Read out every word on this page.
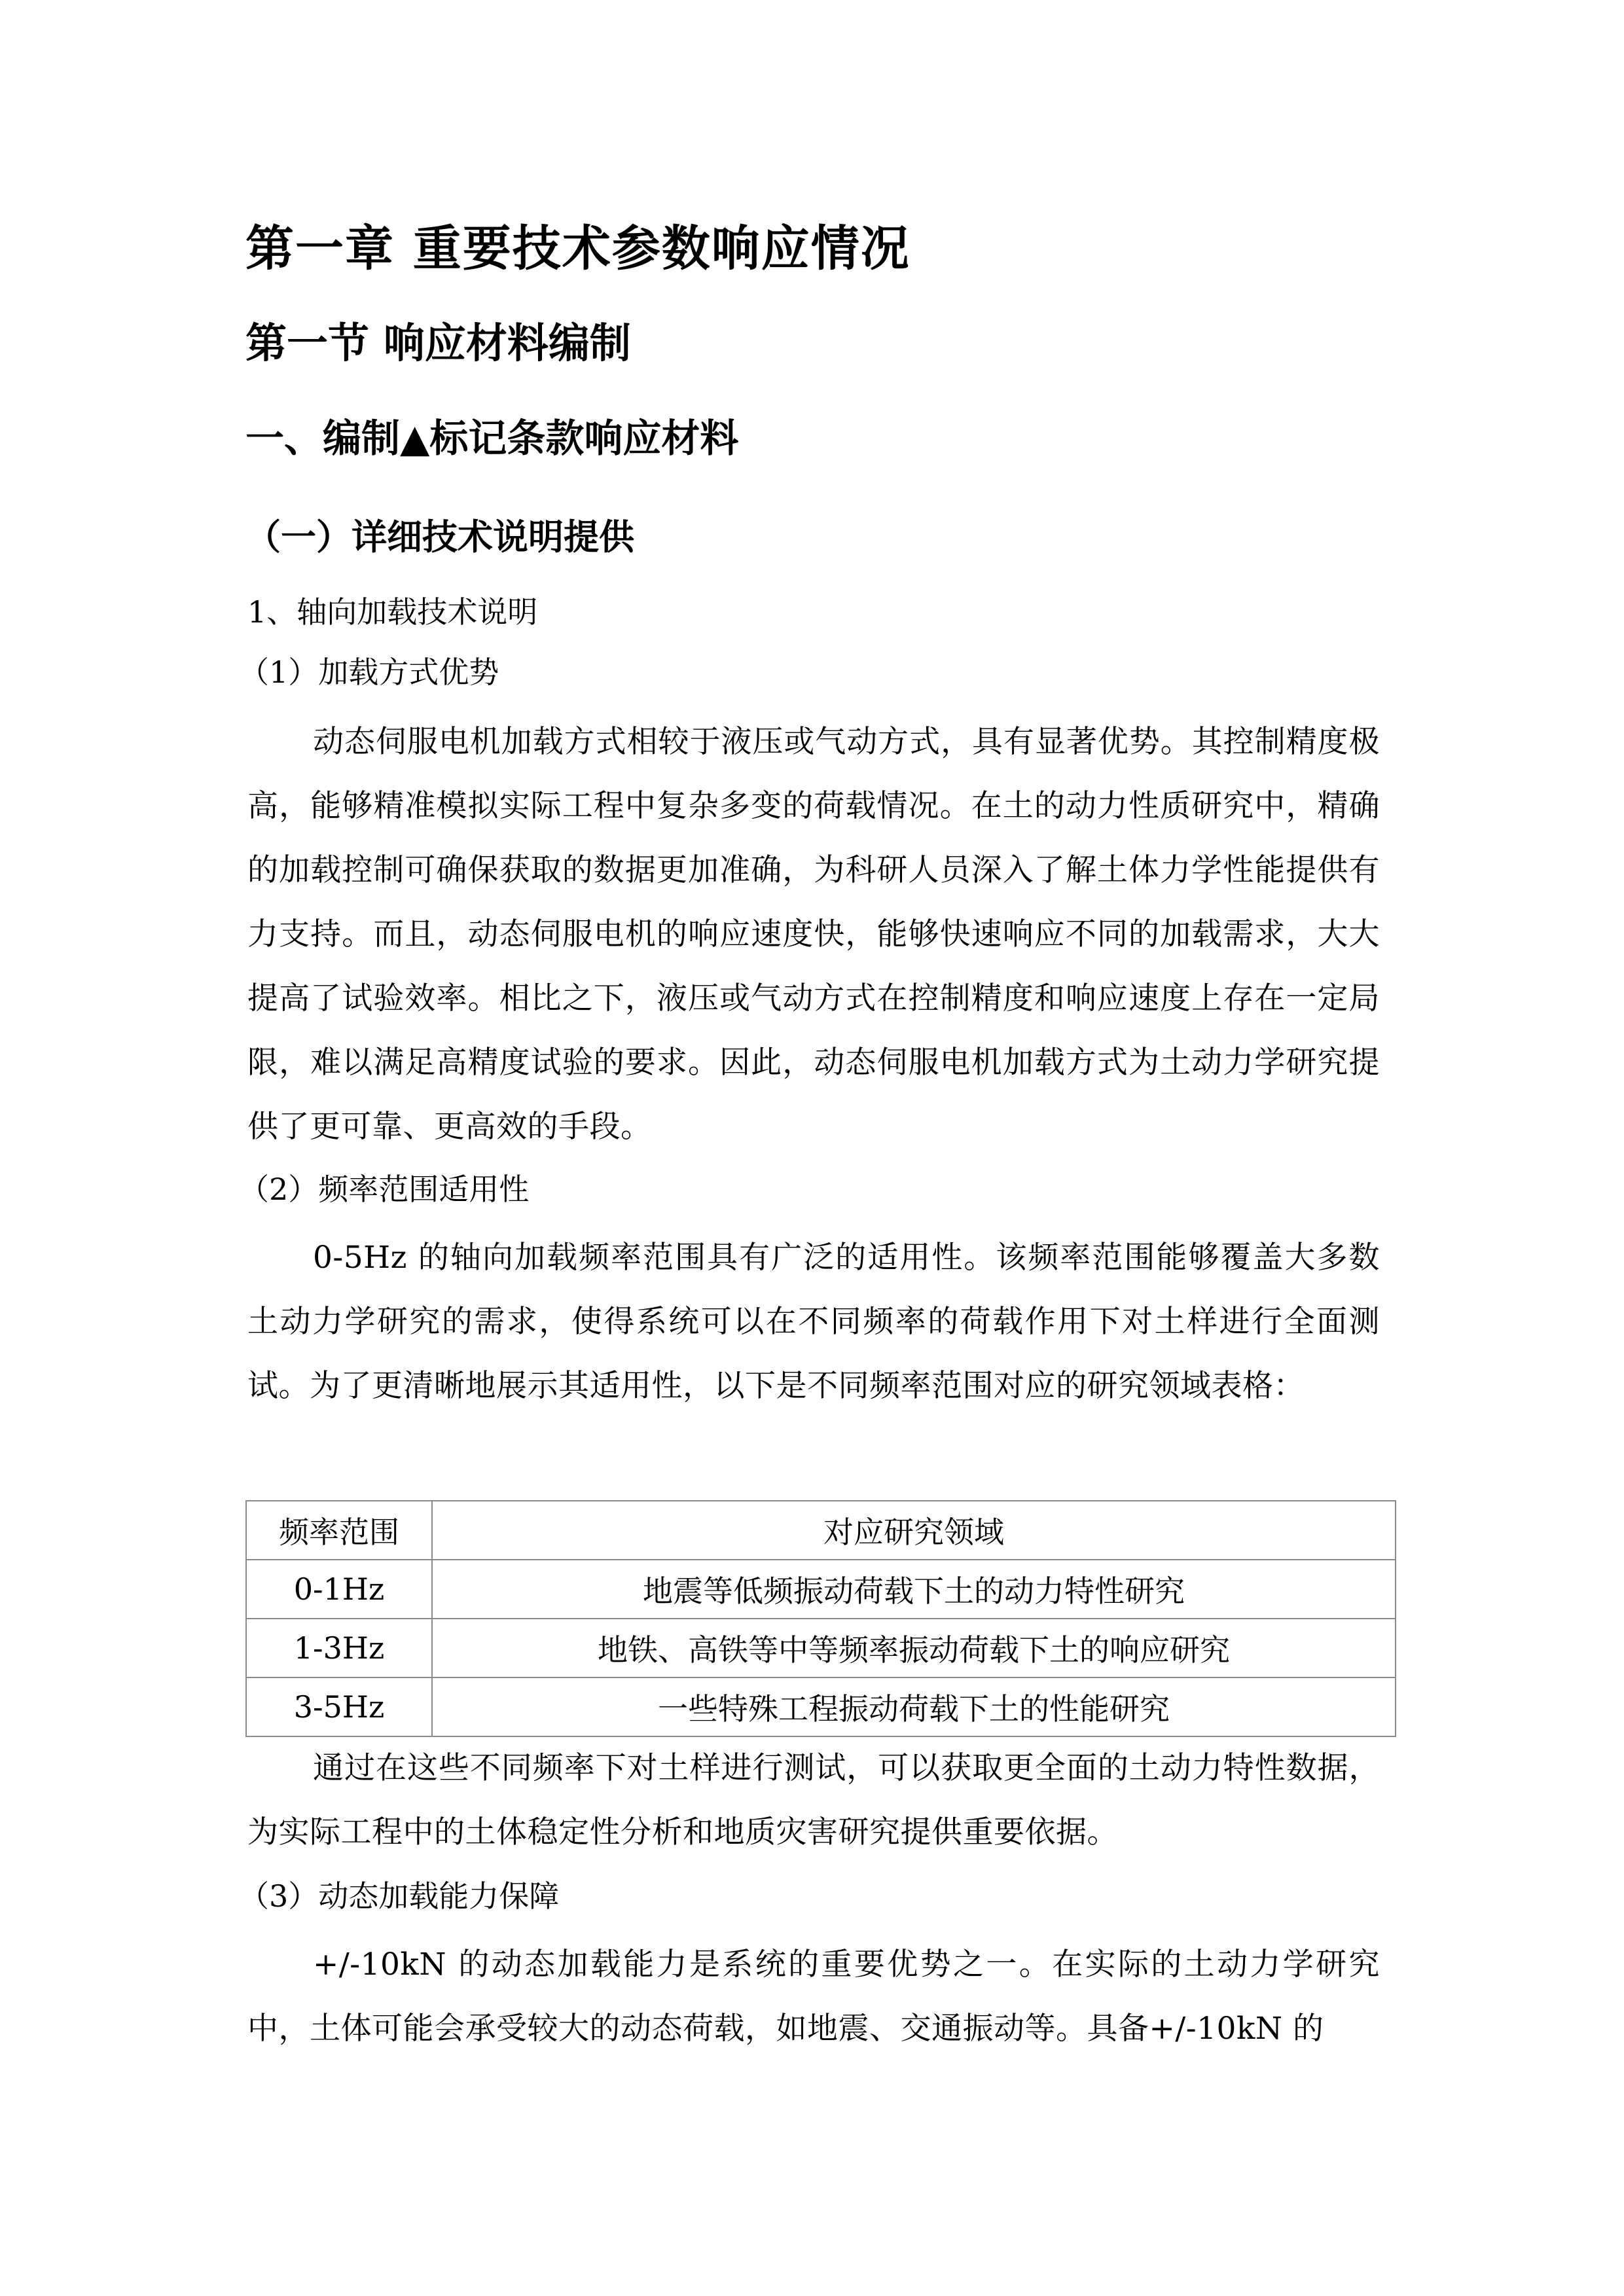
第一章 重要技术参数响应情况
第一节 响应材料编制
一、编制▲标记条款响应材料
（一）详细技术说明提供
1、轴向加载技术说明
（1）加载方式优势

动态伺服电机加载方式相较于液压或气动方式，具有显著优势。其控制精度极高，能够精准模拟实际工程中复杂多变的荷载情况。在土的动力性质研究中，精确的加载控制可确保获取的数据更加准确，为科研人员深入了解土体力学性能提供有力支持。而且，动态伺服电机的响应速度快，能够快速响应不同的加载需求，大大提高了试验效率。相比之下，液压或气动方式在控制精度和响应速度上存在一定局限，难以满足高精度试验的要求。因此，动态伺服电机加载方式为土动力学研究提供了更可靠、更高效的手段。

（2）频率范围适用性

0-5Hz 的轴向加载频率范围具有广泛的适用性。该频率范围能够覆盖大多数土动力学研究的需求，使得系统可以在不同频率的荷载作用下对土样进行全面测试。为了更清晰地展示其适用性，以下是不同频率范围对应的研究领域表格：

频率范围	对应研究领域
0-1Hz	地震等低频振动荷载下土的动力特性研究
1-3Hz	地铁、高铁等中等频率振动荷载下土的响应研究
3-5Hz	一些特殊工程振动荷载下土的性能研究

通过在这些不同频率下对土样进行测试，可以获取更全面的土动力特性数据，为实际工程中的土体稳定性分析和地质灾害研究提供重要依据。

（3）动态加载能力保障

+/-10kN 的动态加载能力是系统的重要优势之一。在实际的土动力学研究中，土体可能会承受较大的动态荷载，如地震、交通振动等。具备+/-10kN 的
